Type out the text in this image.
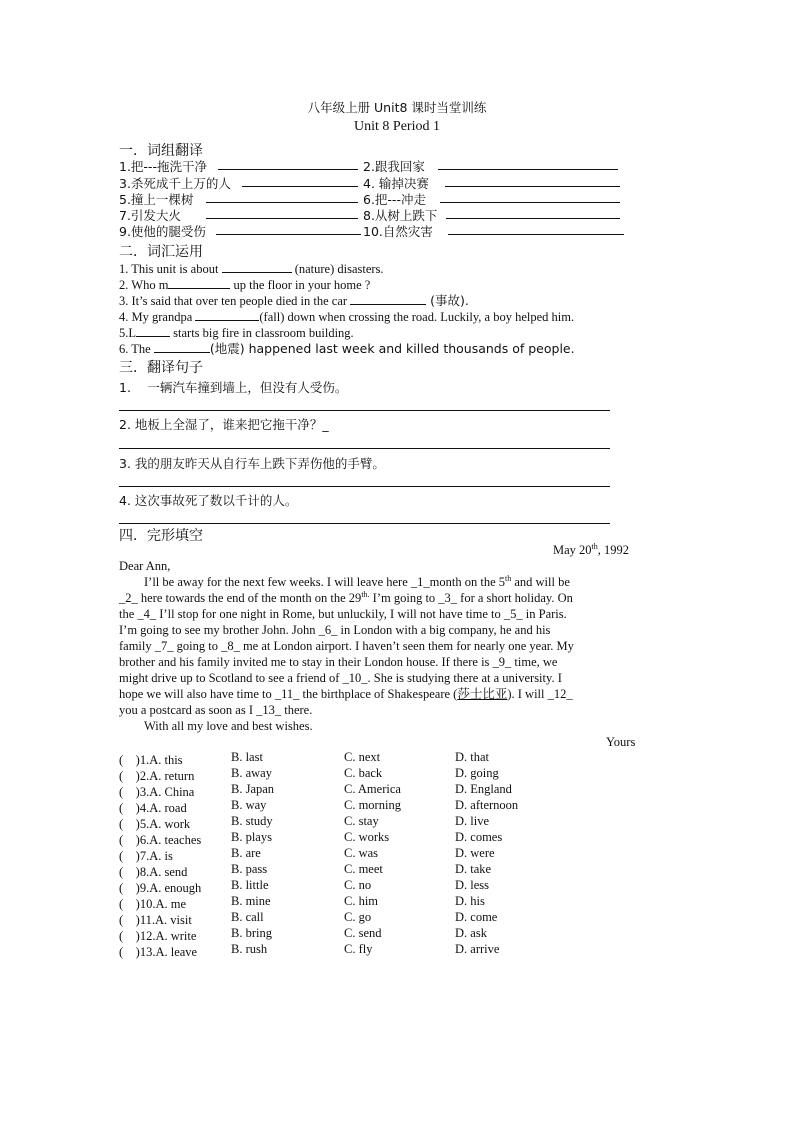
八年级上册 Unit8 课时当堂训练
Unit 8 Period 1
一．词组翻译
1.把---拖洗干净	2.跟我回家
3.杀死成千上万的人	4. 输掉决赛
5.撞上一棵树	6.把---冲走
7.引发大火	8.从树上跌下
9.使他的腿受伤	10.自然灾害
二．词汇运用
1. This unit is about	(nature) disasters.
2. Who m	up the floor in your home ?
3. It’s said that over ten people died in the car	(事故).
4. My grandpa	(fall) down when crossing the road. Luckily, a boy helped him.
5.L	starts big fire in classroom building.
6. The	(地震) happened last week and killed thousands of people.
三．翻译句子
1.　 一辆汽车撞到墙上，但没有人受伤。
2. 地板上全湿了，谁来把它拖干净？_
3. 我的朋友昨天从自行车上跌下弄伤他的手臂。
4. 这次事故死了数以千计的人。
四．完形填空
May 20th, 1992
Dear Ann,
I’ll be away for the next few weeks. I will leave here _1_month on the 5th and will be
_2_ here towards the end of the month on the $29^{th.}$ I’m going to _3_ for a short holiday. On
the _4_ I’ll stop for one night in Rome, but unluckily, I will not have time to _5_ in Paris.
I’m going to see my brother John. John _6_ in London with a big company, he and his
family _7_ going to _8_ me at London airport. I haven’t seen them for nearly one year. My
brother and his family invited me to stay in their London house. If there is _9_ time, we
might drive up to Scotland to see a friend of _10_. She is studying there at a university. I
hope we will also have time to _11_ the birthplace of Shakespeare (莎士比亚). I will _12_
you a postcard as soon as I _13_ there.
With all my love and best wishes.
Yours
(　)1.A. this	B. last	C. next	D. that
(　)2.A. return	B. away	C. back	D. going
(　)3.A. China	B. Japan	C. America	D. England
(　)4.A. road	B. way	C. morning	D. afternoon
(　)5.A. work	B. study	C. stay	D. live
(　)6.A. teaches B. plays	C. works	D. comes
(　)7.A. is	B. are	C. was	D. were
(　)8.A. send	B. pass	C. meet	D. take
(　)9.A. enough B. little	C. no	D. less
(　)10.A. me	B. mine	C. him	D. his
(　)11.A. visit	B. call	C. go	D. come
(　)12.A. write	B. bring	C. send	D. ask
(　)13.A. leave	B. rush	C. fly	D. arrive
